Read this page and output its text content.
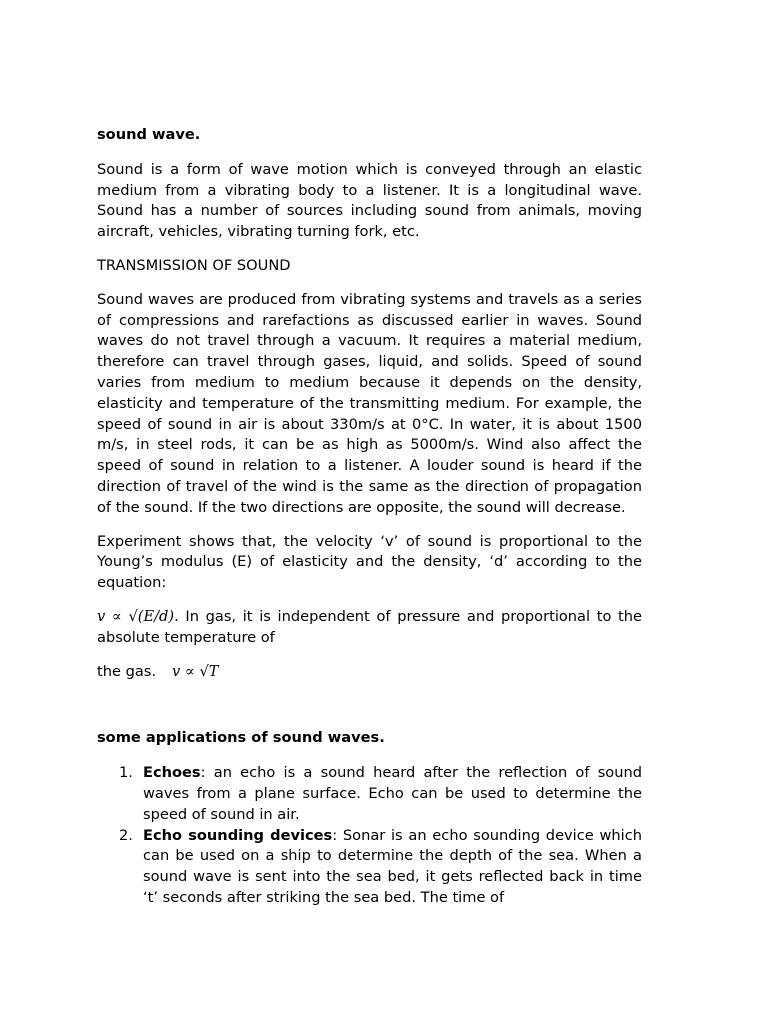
sound wave.

Sound is a form of wave motion which is conveyed through an elastic medium from a vibrating body to a listener. It is a longitudinal wave. Sound has a number of sources including sound from animals, moving aircraft, vehicles, vibrating turning fork, etc.

TRANSMISSION OF SOUND

Sound waves are produced from vibrating systems and travels as a series of compressions and rarefactions as discussed earlier in waves. Sound waves do not travel through a vacuum. It requires a material medium, therefore can travel through gases, liquid, and solids. Speed of sound varies from medium to medium because it depends on the density, elasticity and temperature of the transmitting medium. For example, the speed of sound in air is about 330m/s at 0°C. In water, it is about 1500 m/s, in steel rods, it can be as high as 5000m/s. Wind also affect the speed of sound in relation to a listener. A louder sound is heard if the direction of travel of the wind is the same as the direction of propagation of the sound. If the two directions are opposite, the sound will decrease.

Experiment shows that, the velocity ‘v’ of sound is proportional to the Young’s modulus (E) of elasticity and the density, ‘d’ according to the equation:

v ∝ √(E/d). In gas, it is independent of pressure and proportional to the absolute temperature of

the gas. v ∝ √T

some applications of sound waves.

1. Echoes: an echo is a sound heard after the reflection of sound waves from a plane surface. Echo can be used to determine the speed of sound in air.
2. Echo sounding devices: Sonar is an echo sounding device which can be used on a ship to determine the depth of the sea. When a sound wave is sent into the sea bed, it gets reflected back in time ‘t’ seconds after striking the sea bed. The time of
